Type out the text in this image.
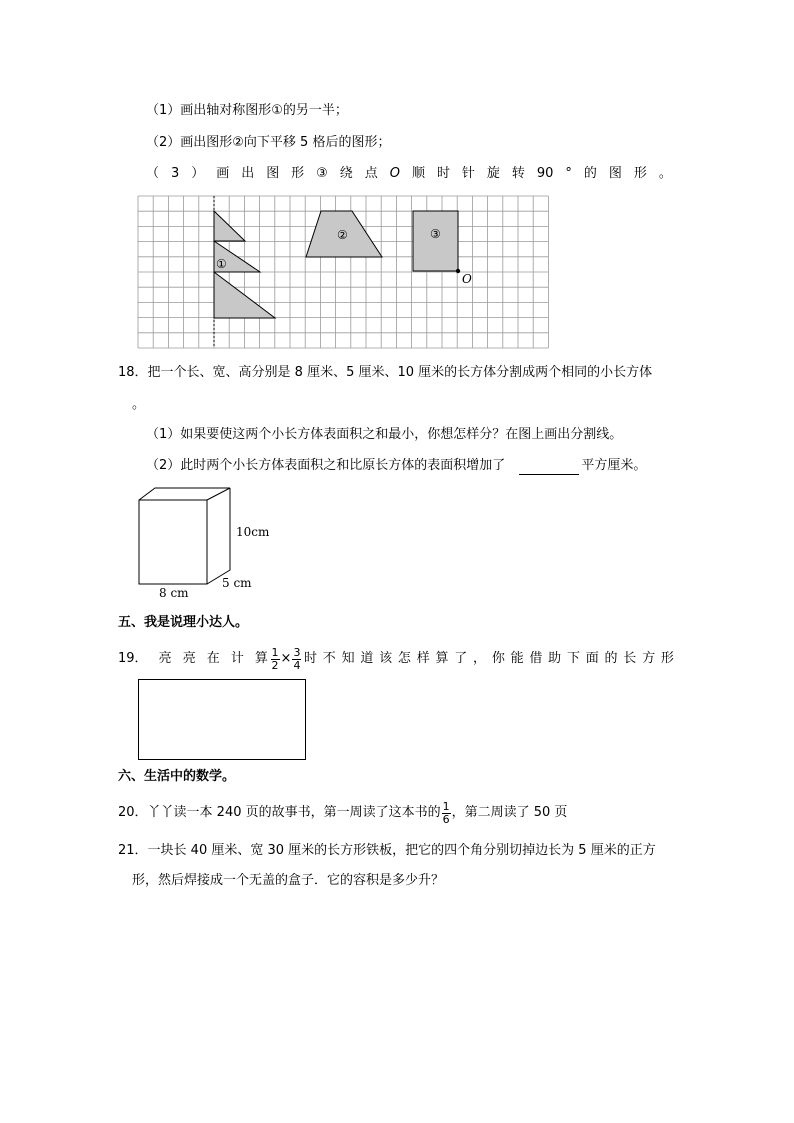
（1）画出轴对称图形①的另一半；
（2）画出图形②向下平移 5 格后的图形；
（ 3 ） 画 出 图 形 ③ 绕 点 O 顺 时 针 旋 转 90 ° 的 图 形 。
①
②	③
O
18．把一个长、宽、高分别是 8 厘米、5 厘米、10 厘米的长方体分割成两个相同的小长方体
。
（1）如果要使这两个小长方体表面积之和最小，你想怎样分？在图上画出分割线。
（2）此时两个小长方体表面积之和比原长方体的表面积增加了	平方厘米。
10cm
8 cm
5 cm
五、我是说理小达人。
19． 亮 亮 在 计 算 $\frac{1}{2} \times \frac{3}{4}$ 时 不 知 道 该 怎 样 算 了 ， 你 能 借 助 下 面 的 长 方 形
六、生活中的数学。
20．丫丫读一本 240 页的故事书，第一周读了这本书的 $\frac{1}{6}$ ，第二周读了 50 页
21．一块长 40 厘米、宽 30 厘米的长方形铁板，把它的四个角分别切掉边长为 5 厘米的正方
形，然后焊接成一个无盖的盒子．它的容积是多少升？
